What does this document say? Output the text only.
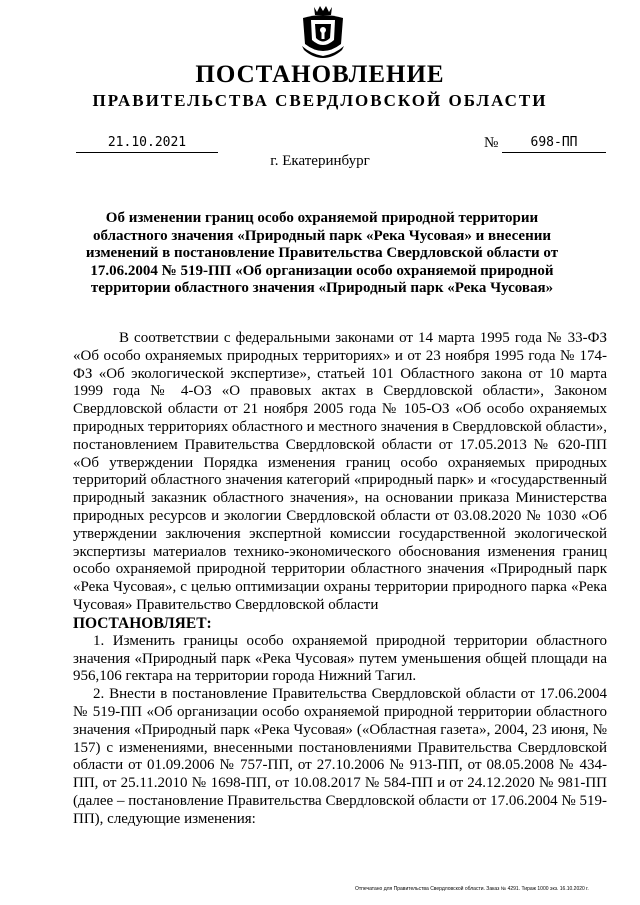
ПОСТАНОВЛЕНИЕ
ПРАВИТЕЛЬСТВА СВЕРДЛОВСКОЙ ОБЛАСТИ
21.10.2021	№	698-ПП
г. Екатеринбург
Об изменении границ особо охраняемой природной территории областного значения «Природный парк «Река Чусовая» и внесении изменений в постановление Правительства Свердловской области от 17.06.2004 № 519-ПП «Об организации особо охраняемой природной территории областного значения «Природный парк «Река Чусовая»

В соответствии с федеральными законами от 14 марта 1995 года № 33-ФЗ «Об особо охраняемых природных территориях» и от 23 ноября 1995 года № 174-ФЗ «Об экологической экспертизе», статьей 101 Областного закона от 10 марта 1999 года № 4-ОЗ «О правовых актах в Свердловской области», Законом Свердловской области от 21 ноября 2005 года № 105-ОЗ «Об особо охраняемых природных территориях областного и местного значения в Свердловской области», постановлением Правительства Свердловской области от 17.05.2013 № 620-ПП «Об утверждении Порядка изменения границ особо охраняемых природных территорий областного значения категорий «природный парк» и «государственный природный заказник областного значения», на основании приказа Министерства природных ресурсов и экологии Свердловской области от 03.08.2020 № 1030 «Об утверждении заключения экспертной комиссии государственной экологической экспертизы материалов технико-экономического обоснования изменения границ особо охраняемой природной территории областного значения «Природный парк «Река Чусовая», с целью оптимизации охраны территории природного парка «Река Чусовая» Правительство Свердловской области

ПОСТАНОВЛЯЕТ:

1. Изменить границы особо охраняемой природной территории областного значения «Природный парк «Река Чусовая» путем уменьшения общей площади на 956,106 гектара на территории города Нижний Тагил.

2. Внести в постановление Правительства Свердловской области от 17.06.2004 № 519-ПП «Об организации особо охраняемой природной территории областного значения «Природный парк «Река Чусовая» («Областная газета», 2004, 23 июня, № 157) с изменениями, внесенными постановлениями Правительства Свердловской области от 01.09.2006 № 757-ПП, от 27.10.2006 № 913-ПП, от 08.05.2008 № 434-ПП, от 25.11.2010 № 1698-ПП, от 10.08.2017 № 584-ПП и от 24.12.2020 № 981-ПП (далее – постановление Правительства Свердловской области от 17.06.2004 № 519-ПП), следующие изменения:

Отпечатано для Правительства Свердловской области. Заказ № 4291. Тираж 1000 экз. 16.10.2020 г.
